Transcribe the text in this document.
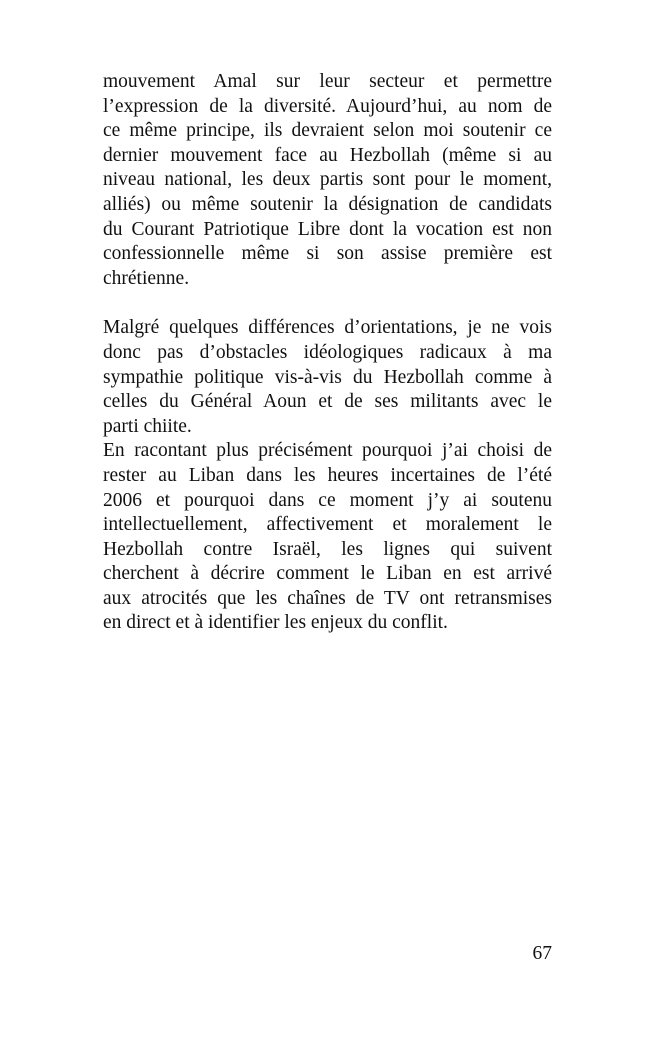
mouvement Amal sur leur secteur et permettre
l’expression de la diversité. Aujourd’hui, au nom de
ce même principe, ils devraient selon moi soutenir ce
dernier mouvement face au Hezbollah (même si au
niveau national, les deux partis sont pour le moment,
alliés) ou même soutenir la désignation de candidats
du Courant Patriotique Libre dont la vocation est non
confessionnelle même si son assise première est
chrétienne.
Malgré quelques différences d’orientations, je ne vois
donc pas d’obstacles idéologiques radicaux à ma
sympathie politique vis-à-vis du Hezbollah comme à
celles du Général Aoun et de ses militants avec le
parti chiite.
En racontant plus précisément pourquoi j’ai choisi de
rester au Liban dans les heures incertaines de l’été
2006 et pourquoi dans ce moment j’y ai soutenu
intellectuellement, affectivement et moralement le
Hezbollah contre Israël, les lignes qui suivent
cherchent à décrire comment le Liban en est arrivé
aux atrocités que les chaînes de TV ont retransmises
en direct et à identifier les enjeux du conflit.
67
